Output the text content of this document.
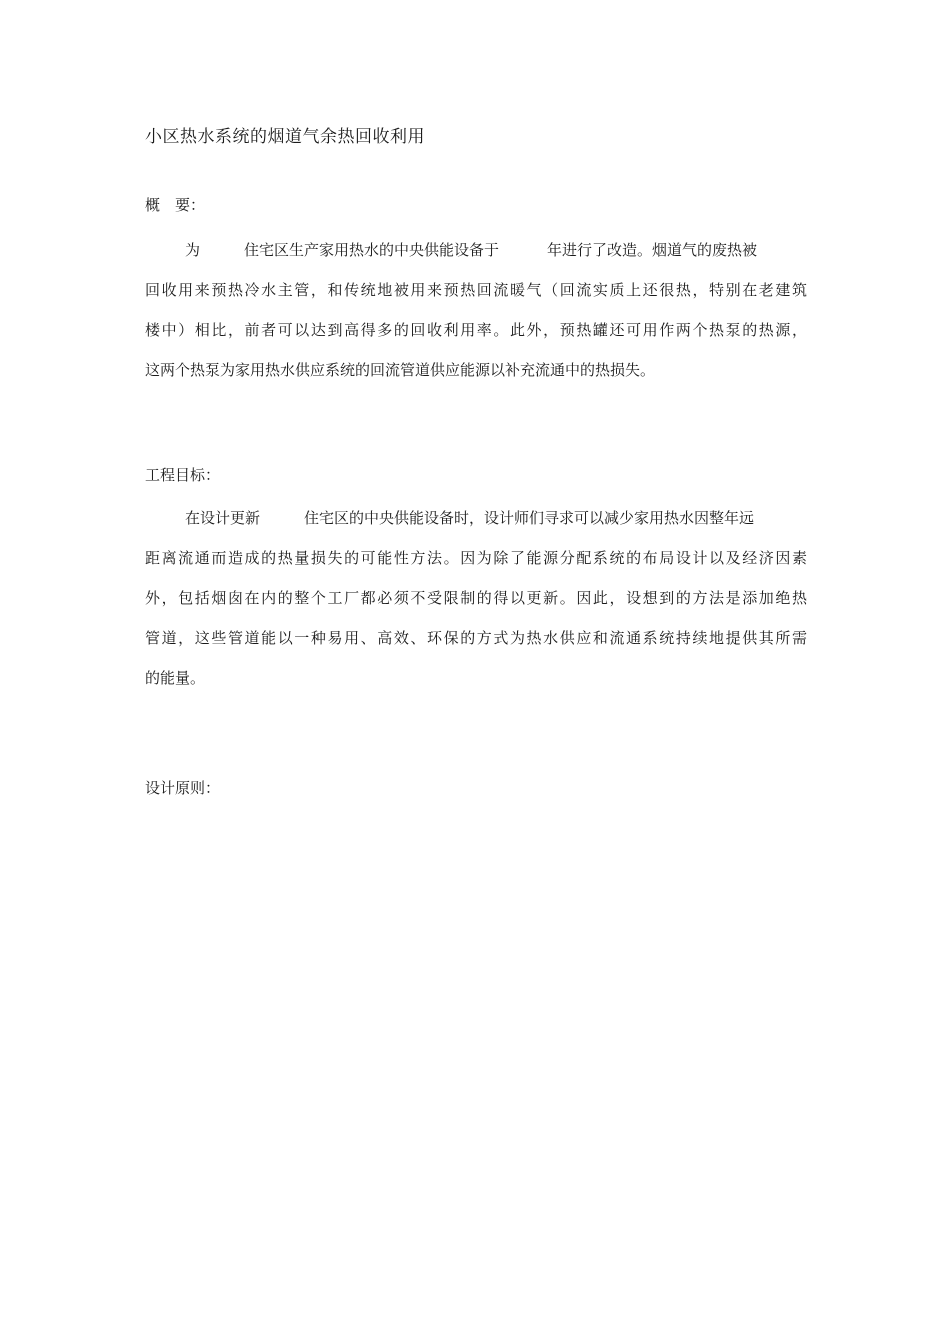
小区热水系统的烟道气余热回收利用
概　要：
为	住宅区生产家用热水的中央供能设备于	年进行了改造。烟道气的废热被
回收用来预热冷水主管，和传统地被用来预热回流暖气（回流实质上还很热，特别在老建筑
楼中）相比，前者可以达到高得多的回收利用率。此外，预热罐还可用作两个热泵的热源，
这两个热泵为家用热水供应系统的回流管道供应能源以补充流通中的热损失。
工程目标：
在设计更新	住宅区的中央供能设备时，设计师们寻求可以减少家用热水因整年远
距离流通而造成的热量损失的可能性方法。因为除了能源分配系统的布局设计以及经济因素
外，包括烟囱在内的整个工厂都必须不受限制的得以更新。因此，设想到的方法是添加绝热
管道，这些管道能以一种易用、高效、环保的方式为热水供应和流通系统持续地提供其所需
的能量。
设计原则：
